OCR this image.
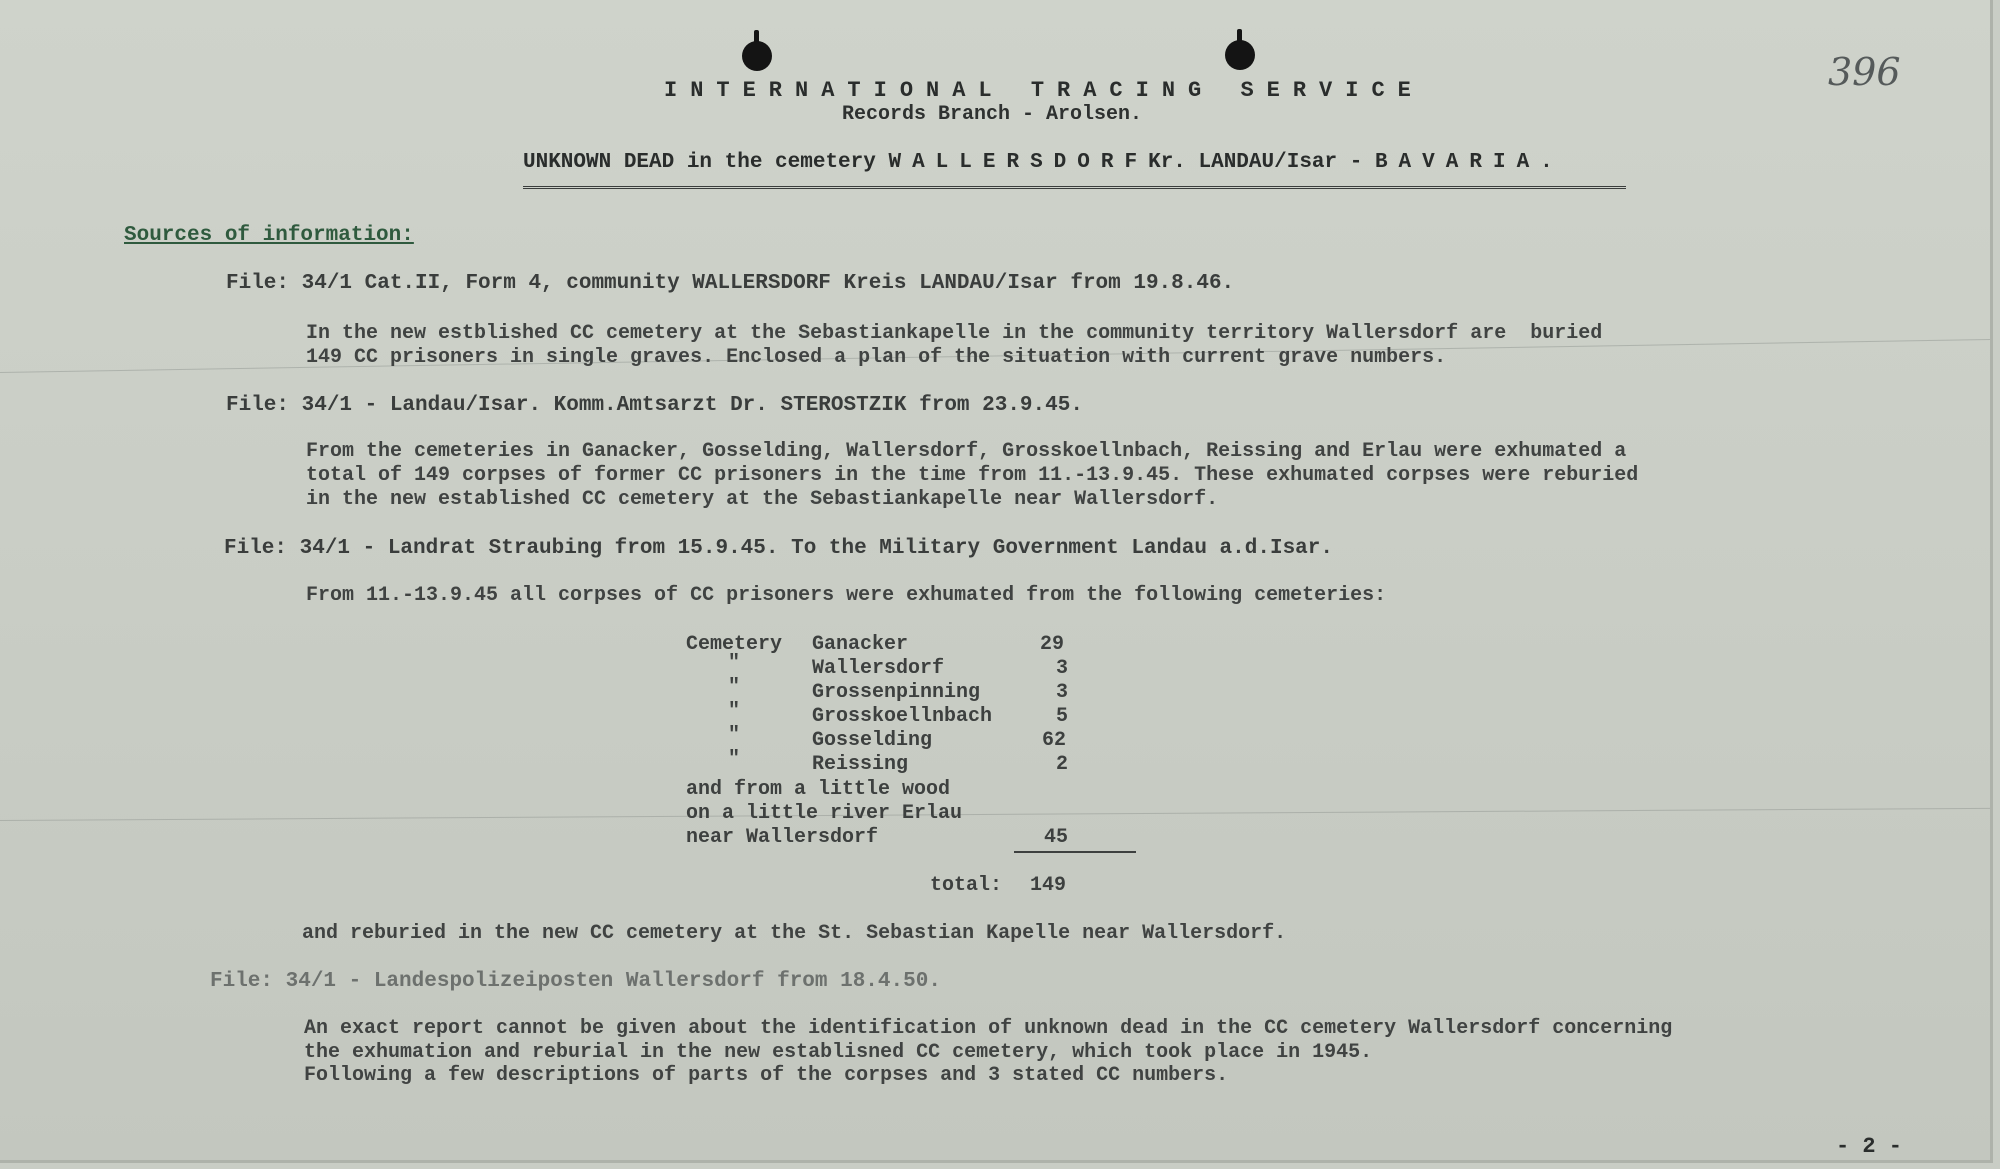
INTERNATIONAL TRACING SERVICE
Records Branch - Arolsen.
396
UNKNOWN DEAD in the cemetery WALLERSDORFKr. LANDAU/Isar - BAVARIA.
Sources of information:
File: 34/1 Cat.II, Form 4, community WALLERSDORF Kreis LANDAU/Isar from 19.8.46.
In the new estblished CC cemetery at the Sebastiankapelle in the community territory Wallersdorf are  buried
149 CC prisoners in single graves. Enclosed a plan of the situation with current grave numbers.
File: 34/1 - Landau/Isar. Komm.Amtsarzt Dr. STEROSTZIK from 23.9.45.
From the cemeteries in Ganacker, Gosselding, Wallersdorf, Grosskoellnbach, Reissing and Erlau were exhumated a
total of 149 corpses of former CC prisoners in the time from 11.-13.9.45. These exhumated corpses were reburied
in the new established CC cemetery at the Sebastiankapelle near Wallersdorf.
File: 34/1 - Landrat Straubing from 15.9.45. To the Military Government Landau a.d.Isar.
From 11.-13.9.45 all corpses of CC prisoners were exhumated from the following cemeteries:
Cemetery Ganacker	29
"	Wallersdorf	3
"	Grossenpinning	3
"	Grosskoellnbach	5
"	Gosselding	62
"	Reissing	2
and from a little wood
on a little river Erlau
near Wallersdorf	45
total: 149
and reburied in the new CC cemetery at the St. Sebastian Kapelle near Wallersdorf.
File: 34/1 - Landespolizeiposten Wallersdorf from 18.4.50.
An exact report cannot be given about the identification of unknown dead in the CC cemetery Wallersdorf concerning
the exhumation and reburial in the new establisned CC cemetery, which took place in 1945.
Following a few descriptions of parts of the corpses and 3 stated CC numbers.
- 2 -
